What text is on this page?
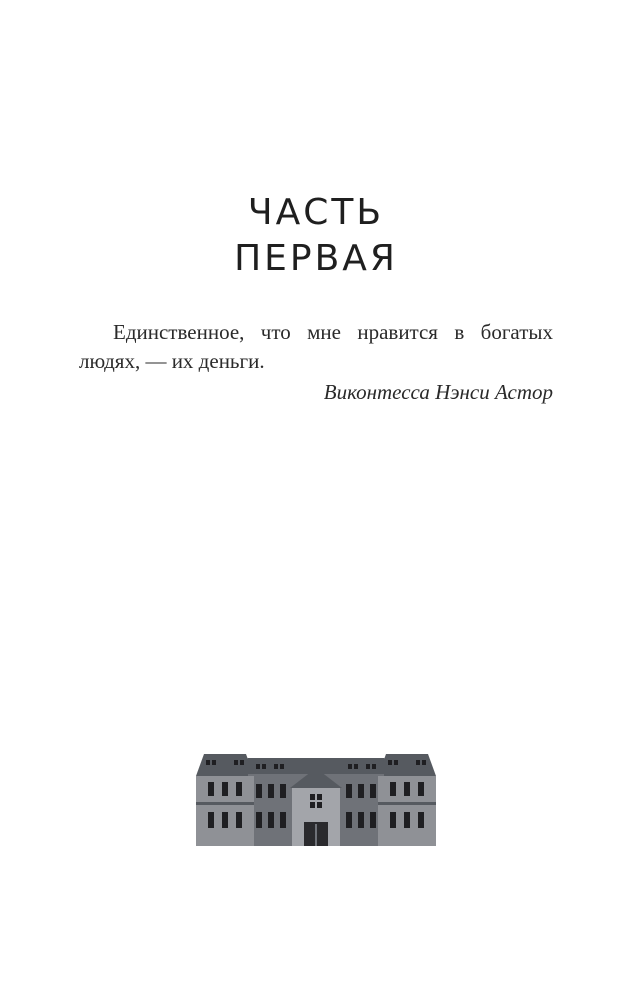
ЧАСТЬ
ПЕРВАЯ

Единственное, что мне нравится в богатых людях, — их деньги.

Виконтесса Нэнси Астор
